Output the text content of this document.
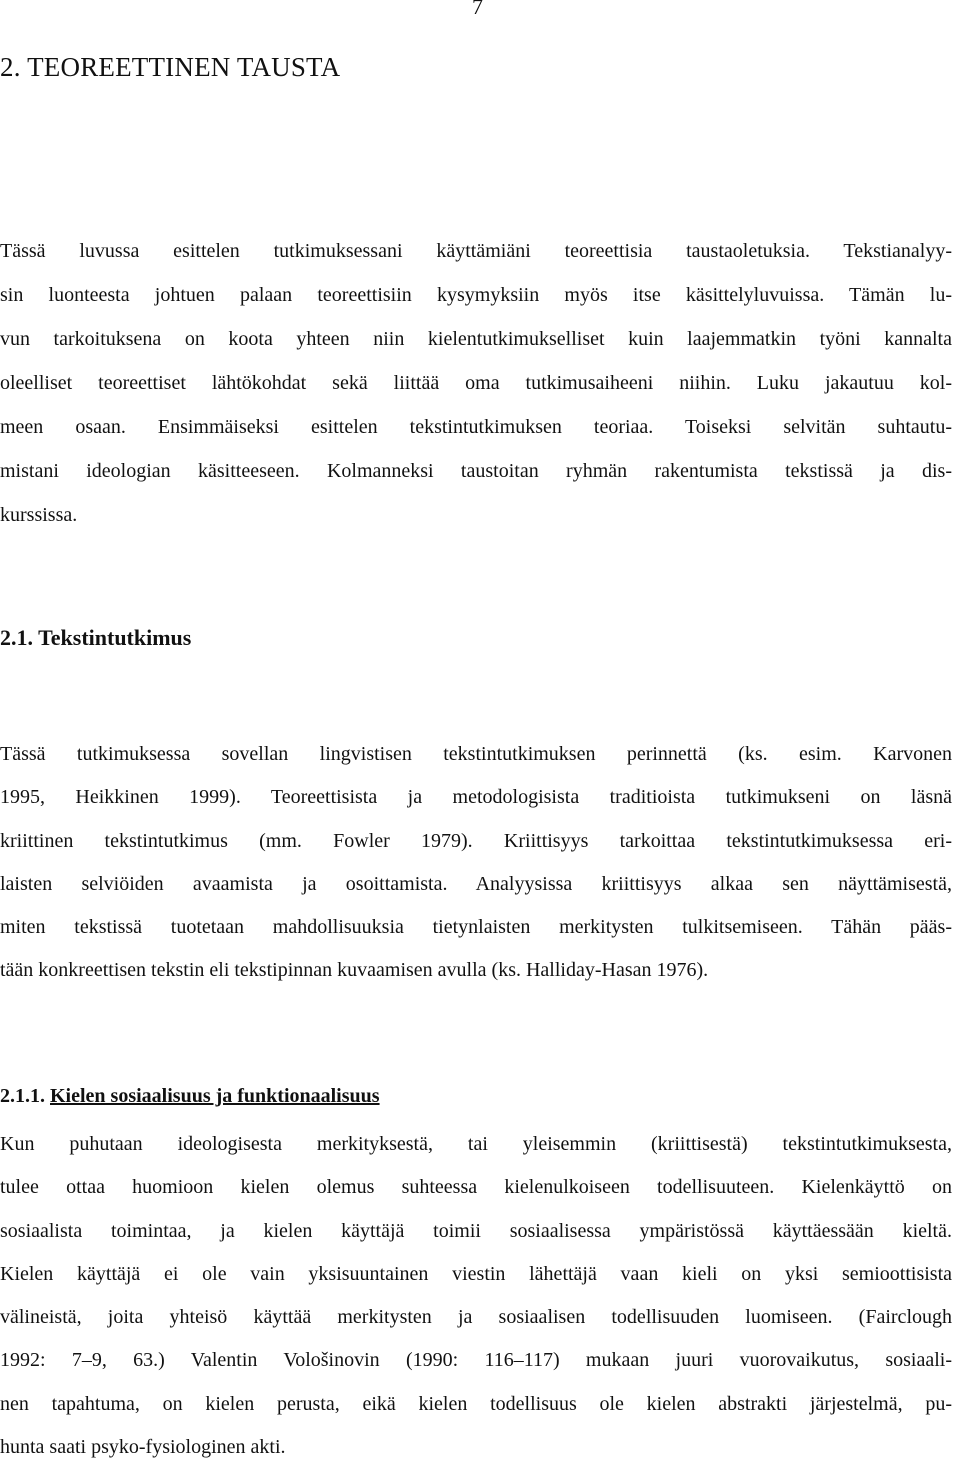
7
2. TEOREETTINEN TAUSTA

Tässä luvussa esittelen tutkimuksessani käyttämiäni teoreettisia taustaoletuksia. Tekstianalyy-
sin luonteesta johtuen palaan teoreettisiin kysymyksiin myös itse käsittelyluvuissa. Tämän lu-
vun tarkoituksena on koota yhteen niin kielentutkimukselliset kuin laajemmatkin työni kannalta
oleelliset teoreettiset lähtökohdat sekä liittää oma tutkimusaiheeni niihin. Luku jakautuu kol-
meen osaan. Ensimmäiseksi esittelen tekstintutkimuksen teoriaa. Toiseksi selvitän suhtautu-
mistani ideologian käsitteeseen. Kolmanneksi taustoitan ryhmän rakentumista tekstissä ja dis-
kurssissa.

2.1. Tekstintutkimus

Tässä tutkimuksessa sovellan lingvistisen tekstintutkimuksen perinnettä (ks. esim. Karvonen
1995, Heikkinen 1999). Teoreettisista ja metodologisista traditioista tutkimukseni on läsnä
kriittinen tekstintutkimus (mm. Fowler 1979). Kriittisyys tarkoittaa tekstintutkimuksessa eri-
laisten selviöiden avaamista ja osoittamista. Analyysissa kriittisyys alkaa sen näyttämisestä,
miten tekstissä tuotetaan mahdollisuuksia tietynlaisten merkitysten tulkitsemiseen. Tähän pääs-
tään konkreettisen tekstin eli tekstipinnan kuvaamisen avulla (ks. Halliday-Hasan 1976).

2.1.1. Kielen sosiaalisuus ja funktionaalisuus

Kun puhutaan ideologisesta merkityksestä, tai yleisemmin (kriittisestä) tekstintutkimuksesta,
tulee ottaa huomioon kielen olemus suhteessa kielenulkoiseen todellisuuteen. Kielenkäyttö on
sosiaalista toimintaa, ja kielen käyttäjä toimii sosiaalisessa ympäristössä käyttäessään kieltä.
Kielen käyttäjä ei ole vain yksisuuntainen viestin lähettäjä vaan kieli on yksi semioottisista
välineistä, joita yhteisö käyttää merkitysten ja sosiaalisen todellisuuden luomiseen. (Fairclough
1992: 7–9, 63.) Valentin Vološinovin (1990: 116–117) mukaan juuri vuorovaikutus, sosiaali-
nen tapahtuma, on kielen perusta, eikä kielen todellisuus ole kielen abstrakti järjestelmä, pu-
hunta saati psyko-fysiologinen akti.
